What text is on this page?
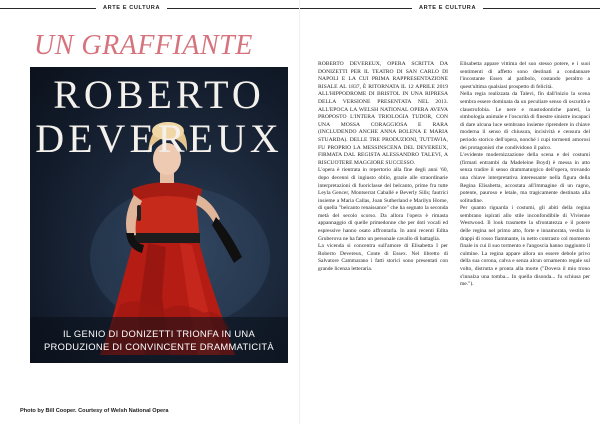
ARTE E CULTURA
UN GRAFFIANTE
ROBERTO
DEVEREUX
IL GENIO DI DONIZETTI TRIONFA IN UNA
PRODUZIONE DI CONVINCENTE DRAMMATICITÀ
Photo by Bill Cooper. Courtesy of Welsh National Opera
ARTE E CULTURA

ROBERTO DEVEREUX, OPERA SCRITTA DA DONIZETTI PER IL TEATRO DI SAN CARLO DI NAPOLI E LA CUI PRIMA RAPPRESENTAZIONE RISALE AL 1837, È RITORNATA IL 12 APRILE 2019 ALL'HIPPODROME DI BRISTOL IN UNA RIPRESA DELLA VERSIONE PRESENTATA NEL 2013. ALL'EPOCA LA WELSH NATIONAL OPERA AVEVA PROPOSTO L'INTERA TRIOLOGIA TUDOR, CON UNA MOSSA CORAGGIOSA E RARA (INCLUDENDO ANCHE ANNA BOLENA E MARIA STUARDA). DELLE TRE PRODUZIONI, TUTTAVIA, FU PROPRIO LA MESSINSCENA DEL DEVEREUX, FIRMATA DAL REGISTA ALESSANDRO TALEVI, A RISCUOTERE MAGGIORE SUCCESSO.

L'opera è rientrata in repertorio alla fine degli anni '60, dopo decenni di ingiusto oblio, grazie alle straordinarie interpretazioni di fuoriclasse del belcanto, prime fra tutte Leyla Gencer, Montserrat Caballé e Beverly Sills; fautrici insieme a Maria Callas, Joan Sutherland e Marilyn Horne, di quella "belcanto renaissance" che ha segnato la seconda metà del secolo scorso. Da allora l'opera è rimasta appannaggio di quelle primedonne che per doti vocali ed espressive hanno osato affrontarla. In anni recenti Edita Gruberova ne ha fatto un personale cavallo di battaglia.

La vicenda si concentra sull'amore di Elisabetta I per Roberto Devereux, Conte di Essex. Nel libretto di Salvatore Cammarano i fatti storici sono presentati con grande licenza letteraria.

Elisabetta appare vittima del suo stesso potere, e i suoi sentimenti di affetto sono destinati a condannare l'incostante Essex al patibolo, costando peraltro a quest'ultima qualsiasi prospetto di felicità.

Nella regia realizzata da Talevi, fin dall'inizio la scena sembra essere dominata da un peculiare senso di oscurità e claustrofobia. Le nere e mastodontiche pareti, la simbologia animale e l'oscurità di finestre sinistre incapaci di dare alcuna luce sembrano insieme riprendere in chiave moderna il senso di chiusura, incisività e censura del periodo storico dell'opera, nonché i cupi tormenti amorosi dei protagonisti che condividono il palco.

L'evidente modernizzazione della scena e dei costumi (firmati entrambi da Madeleine Boyd) è messa in atto senza tradire il senso drammaturgico dell'opera, trovando una chiave interpretativa interessante nella figura della Regina Elisabetta, accostata all'immagine di un ragno, potente, pauroso e letale, ma tragicamente destinata alla solitudine.

Per quanto riguarda i costumi, gli abiti della regina sembrano ispirati allo stile inconfondibile di Vivienne Westwood. Il look trasmette la sfrontatezza e il potere delle regina nel primo atto, forte e innamorata, vestita in drappi di rosso fiammante, in netto contrasto col momento finale in cui il suo tormento e l'angoscia hanno raggiunto il culmine. La regina appare allora un essere debole privo della sua corona, calva e senza alcun ornamento regale sul volto, distrutta e pronta alla morte ("Dovera il mio trono s'innalza una tomba... In quella disonda... fu schiusa per me.").
